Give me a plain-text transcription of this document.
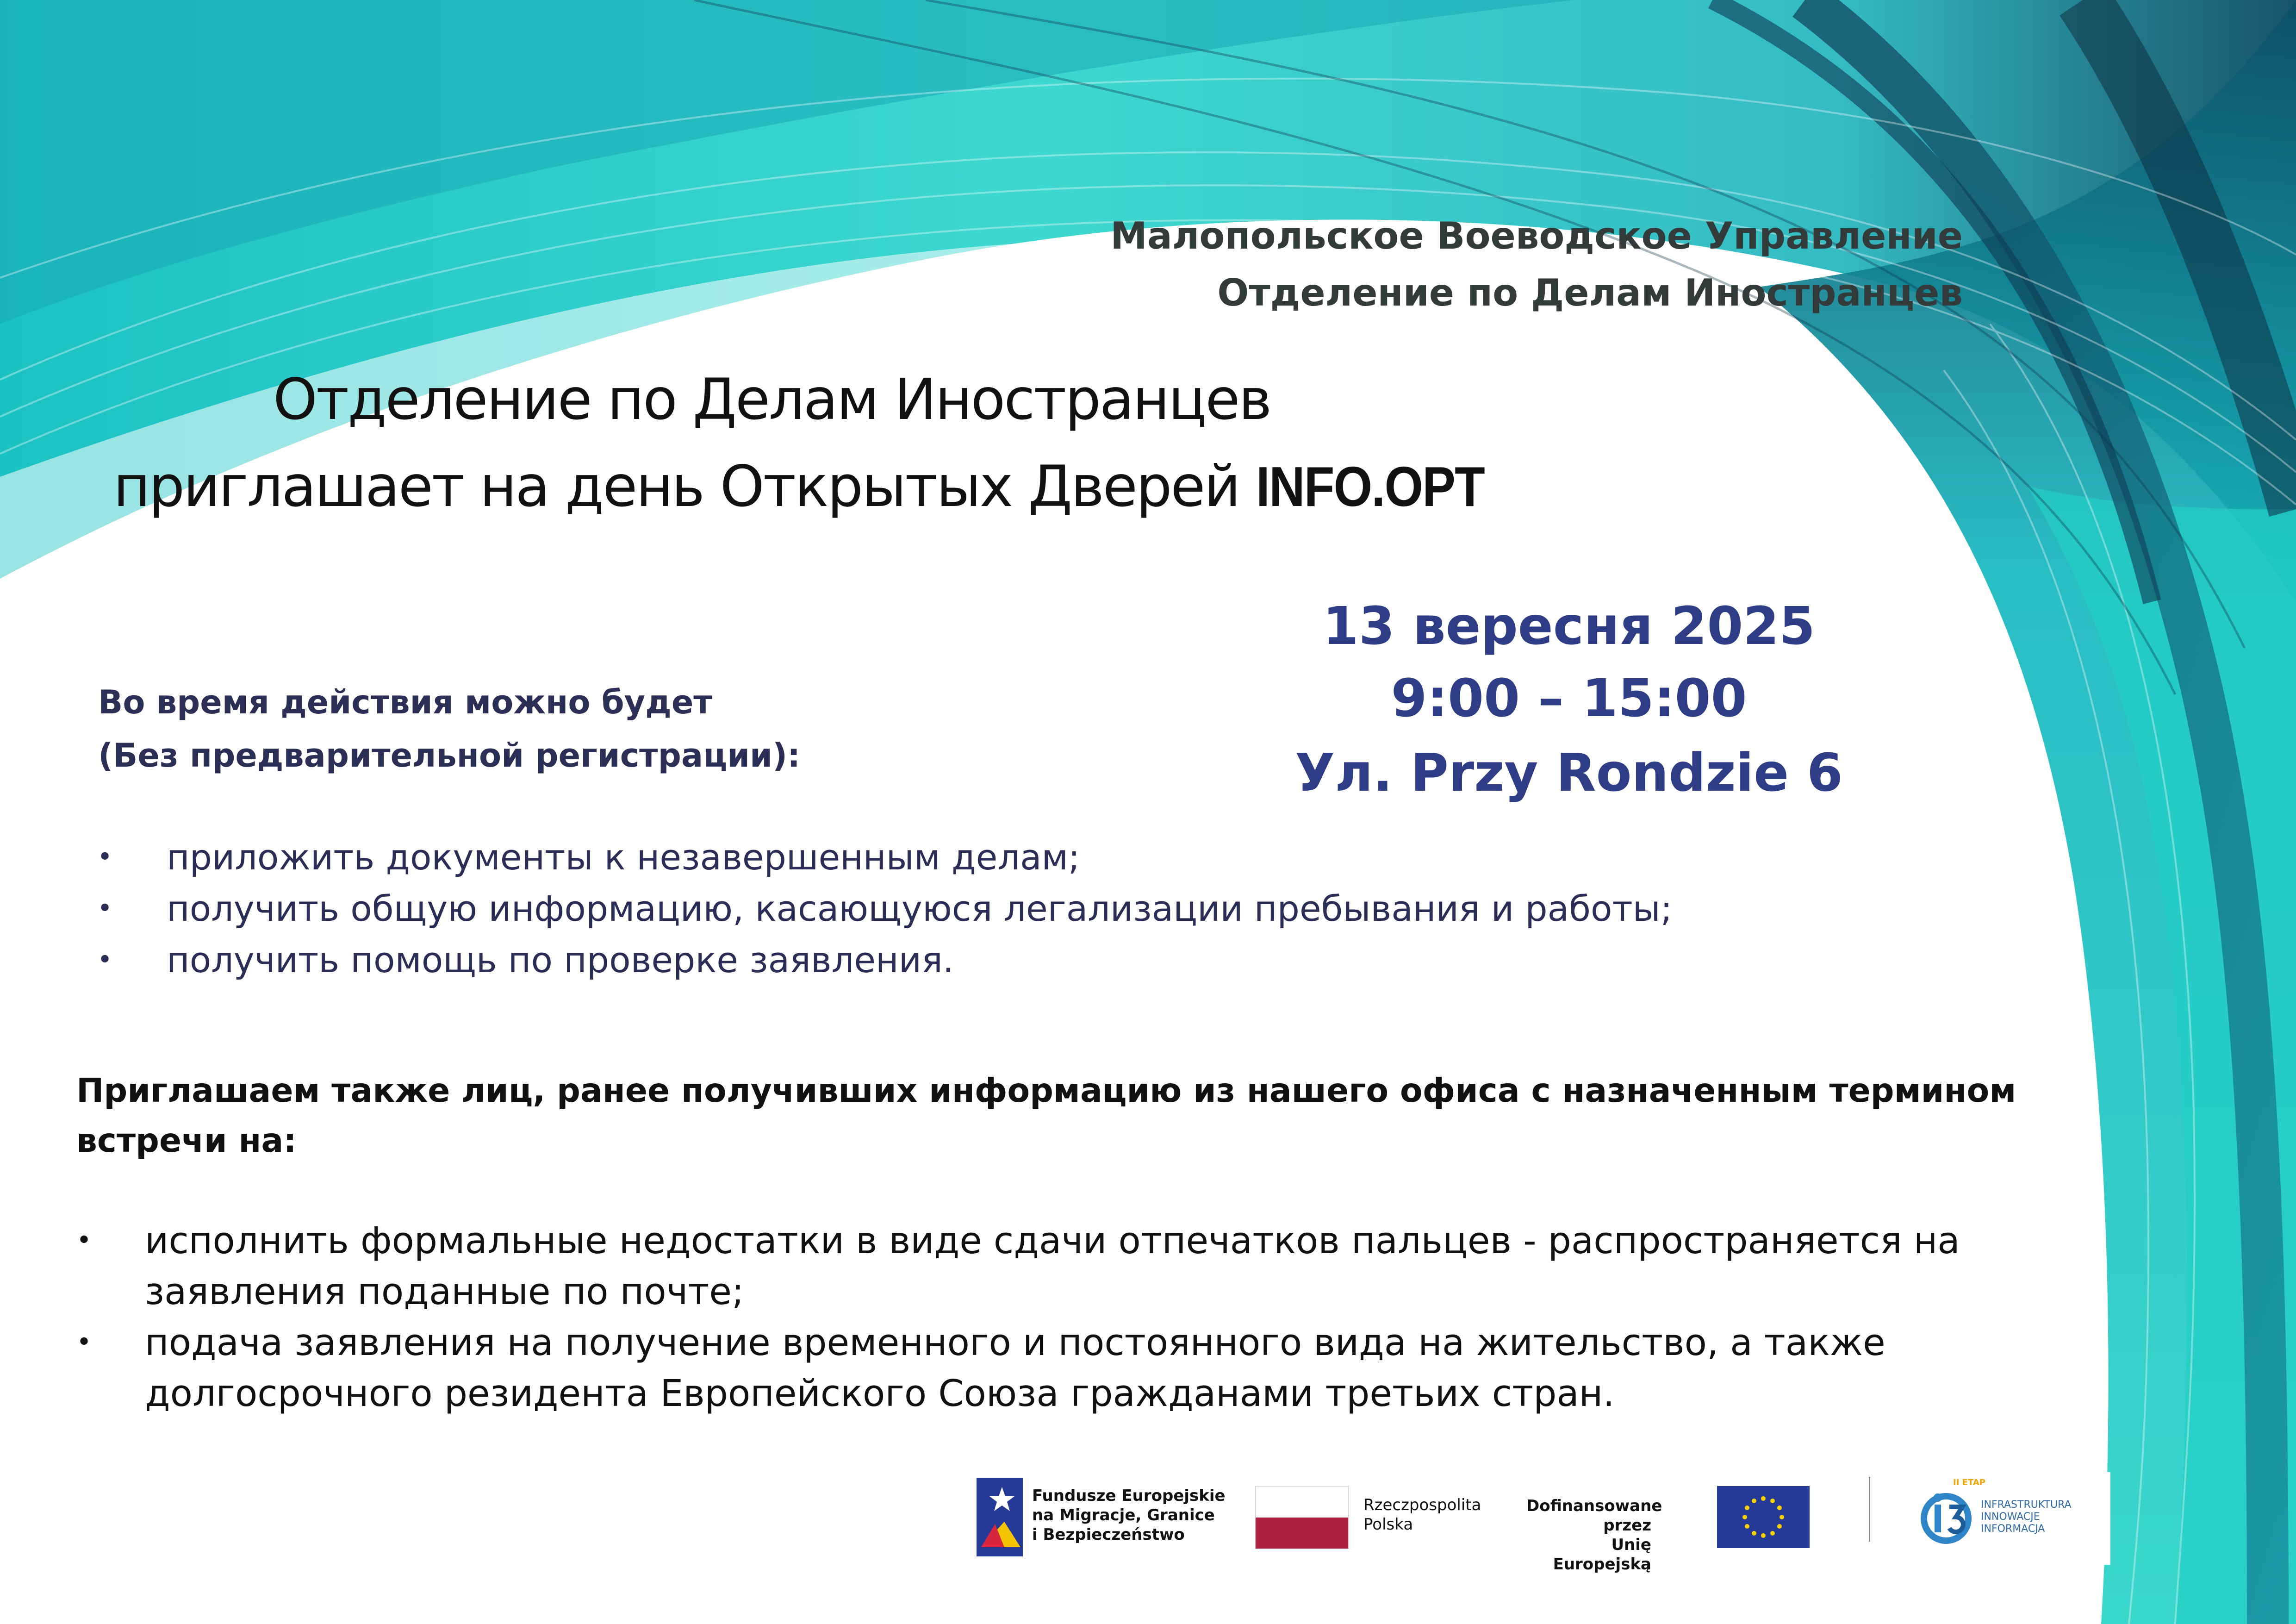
Малопольское Воеводское Управление
Отделение по Делам Иностранцев
Отделение по Делам Иностранцев
приглашает на день Открытых Дверей INFO.OPT
13 вересня 2025
9:00 – 15:00
Ул. Przy Rondzie 6
Во время действия можно будет
(Без предварительной регистрации):
• приложить документы к незавершенным делам;
• получить общую информацию, касающуюся легализации пребывания и работы;
• получить помощь по проверке заявления.
Приглашаем также лиц, ранее получивших информацию из нашего офиса с назначенным термином встречи на:
• исполнить формальные недостатки в виде сдачи отпечатков пальцев - распространяется на заявления поданные по почте;
• подача заявления на получение временного и постоянного вида на жительство, а также долгосрочного резидента Европейского Союза гражданами третьих стран.
Fundusze Europejskie
na Migracje, Granice
i Bezpieczeństwo
Rzeczpospolita
Polska
Dofinansowane przez
Unię Europejską
II ETAP
INFRASTRUKTURA
INNOWACJE
INFORMACJA
